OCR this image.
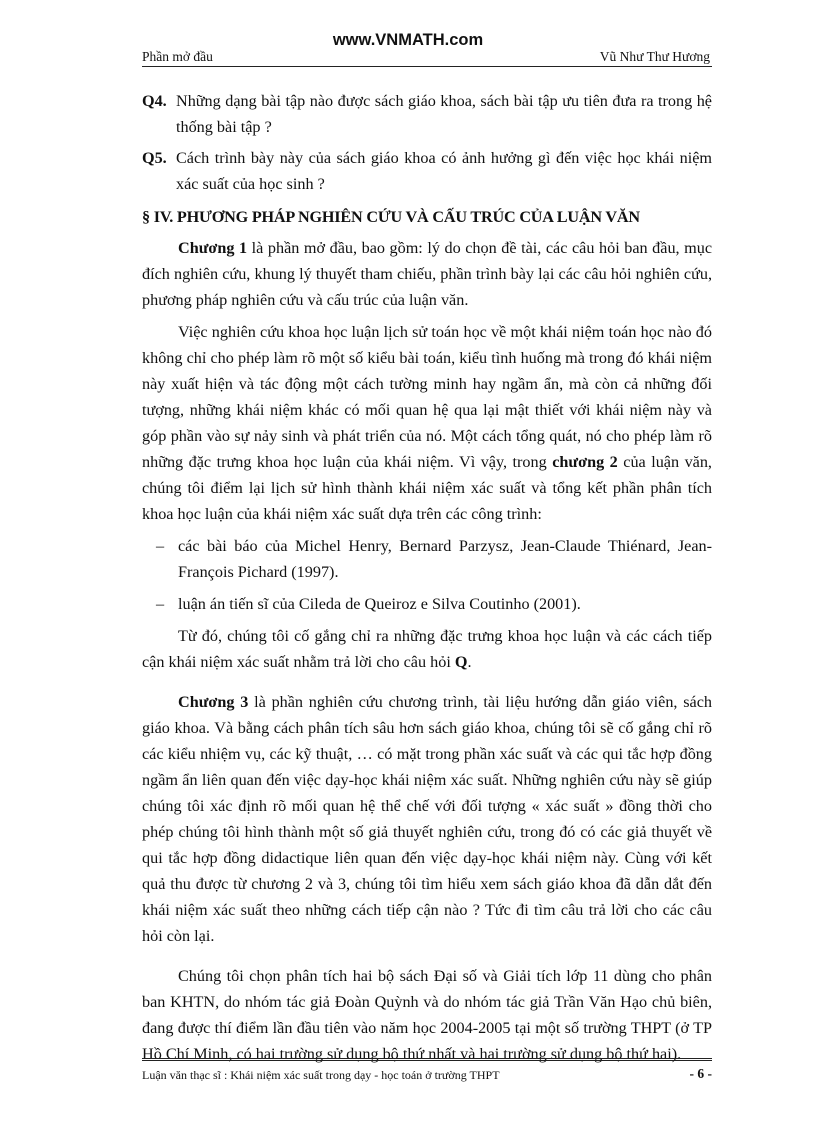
www.VNMATH.com
Phần mở đầu	Vũ Như Thư Hương
Q4. Những dạng bài tập nào được sách giáo khoa, sách bài tập ưu tiên đưa ra trong hệ thống bài tập ?
Q5. Cách trình bày này của sách giáo khoa có ảnh hưởng gì đến việc học khái niệm xác suất của học sinh ?
§ IV. PHƯƠNG PHÁP NGHIÊN CỨU VÀ CẤU TRÚC CỦA LUẬN VĂN

Chương 1 là phần mở đầu, bao gồm: lý do chọn đề tài, các câu hỏi ban đầu, mục đích nghiên cứu, khung lý thuyết tham chiếu, phần trình bày lại các câu hỏi nghiên cứu, phương pháp nghiên cứu và cấu trúc của luận văn.

Việc nghiên cứu khoa học luận lịch sử toán học về một khái niệm toán học nào đó không chỉ cho phép làm rõ một số kiểu bài toán, kiểu tình huống mà trong đó khái niệm này xuất hiện và tác động một cách tường minh hay ngầm ẩn, mà còn cả những đối tượng, những khái niệm khác có mối quan hệ qua lại mật thiết với khái niệm này và góp phần vào sự nảy sinh và phát triển của nó. Một cách tổng quát, nó cho phép làm rõ những đặc trưng khoa học luận của khái niệm. Vì vậy, trong chương 2 của luận văn, chúng tôi điểm lại lịch sử hình thành khái niệm xác suất và tổng kết phần phân tích khoa học luận của khái niệm xác suất dựa trên các công trình:

– các bài báo của Michel Henry, Bernard Parzysz, Jean-Claude Thiénard, Jean-François Pichard (1997).
– luận án tiến sĩ của Cileda de Queiroz e Silva Coutinho (2001).

Từ đó, chúng tôi cố gắng chỉ ra những đặc trưng khoa học luận và các cách tiếp cận khái niệm xác suất nhằm trả lời cho câu hỏi Q.

Chương 3 là phần nghiên cứu chương trình, tài liệu hướng dẫn giáo viên, sách giáo khoa. Và bằng cách phân tích sâu hơn sách giáo khoa, chúng tôi sẽ cố gắng chỉ rõ các kiểu nhiệm vụ, các kỹ thuật, … có mặt trong phần xác suất và các qui tắc hợp đồng ngầm ẩn liên quan đến việc dạy-học khái niệm xác suất. Những nghiên cứu này sẽ giúp chúng tôi xác định rõ mối quan hệ thể chế với đối tượng « xác suất » đồng thời cho phép chúng tôi hình thành một số giả thuyết nghiên cứu, trong đó có các giả thuyết về qui tắc hợp đồng didactique liên quan đến việc dạy-học khái niệm này. Cùng với kết quả thu được từ chương 2 và 3, chúng tôi tìm hiểu xem sách giáo khoa đã dẫn dắt đến khái niệm xác suất theo những cách tiếp cận nào ? Tức đi tìm câu trả lời cho các câu hỏi còn lại.

Chúng tôi chọn phân tích hai bộ sách Đại số và Giải tích lớp 11 dùng cho phân ban KHTN, do nhóm tác giả Đoàn Quỳnh và do nhóm tác giả Trần Văn Hạo chủ biên, đang được thí điểm lần đầu tiên vào năm học 2004-2005 tại một số trường THPT (ở TP Hồ Chí Minh, có hai trường sử dụng bộ thứ nhất và hai trường sử dụng bộ thứ hai).

Luận văn thạc sĩ : Khái niệm xác suất trong dạy - học toán ở trường THPT	- 6 -
